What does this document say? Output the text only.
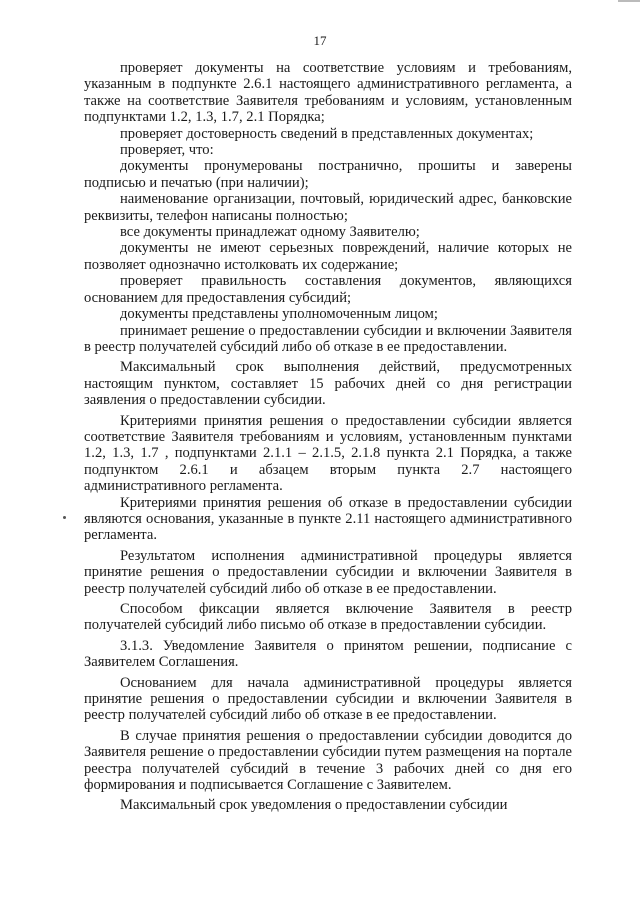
17

проверяет документы на соответствие условиям и требованиям, указанным в подпункте 2.6.1 настоящего административного регламента, а также на соответствие Заявителя требованиям и условиям, установленным подпунктами 1.2, 1.3, 1.7, 2.1 Порядка;

проверяет достоверность сведений в представленных документах;

проверяет, что:

документы пронумерованы постранично, прошиты и заверены подписью и печатью (при наличии);

наименование организации, почтовый, юридический адрес, банковские реквизиты, телефон написаны полностью;

все документы принадлежат одному Заявителю;

документы не имеют серьезных повреждений, наличие которых не позволяет однозначно истолковать их содержание;

проверяет правильность составления документов, являющихся основанием для предоставления субсидий;

документы представлены уполномоченным лицом;

принимает решение о предоставлении субсидии и включении Заявителя в реестр получателей субсидий либо об отказе в ее предоставлении.

Максимальный срок выполнения действий, предусмотренных настоящим пунктом, составляет 15 рабочих дней со дня регистрации заявления о предоставлении субсидии.

Критериями принятия решения о предоставлении субсидии является соответствие Заявителя требованиям и условиям, установленным пунктами 1.2, 1.3, 1.7 , подпунктами 2.1.1 – 2.1.5, 2.1.8 пункта 2.1 Порядка, а также подпунктом 2.6.1 и абзацем вторым пункта 2.7 настоящего административного регламента.

Критериями принятия решения об отказе в предоставлении субсидии являются основания, указанные в пункте 2.11 настоящего административного регламента.

Результатом исполнения административной процедуры является принятие решения о предоставлении субсидии и включении Заявителя в реестр получателей субсидий либо об отказе в ее предоставлении.

Способом фиксации является включение Заявителя в реестр получателей субсидий либо письмо об отказе в предоставлении субсидии.

3.1.3. Уведомление Заявителя о принятом решении, подписание с Заявителем Соглашения.

Основанием для начала административной процедуры является принятие решения о предоставлении субсидии и включении Заявителя в реестр получателей субсидий либо об отказе в ее предоставлении.

В случае принятия решения о предоставлении субсидии доводится до Заявителя решение о предоставлении субсидии путем размещения на портале реестра получателей субсидий в течение 3 рабочих дней со дня его формирования и подписывается Соглашение с Заявителем.

Максимальный срок уведомления о предоставлении субсидии
